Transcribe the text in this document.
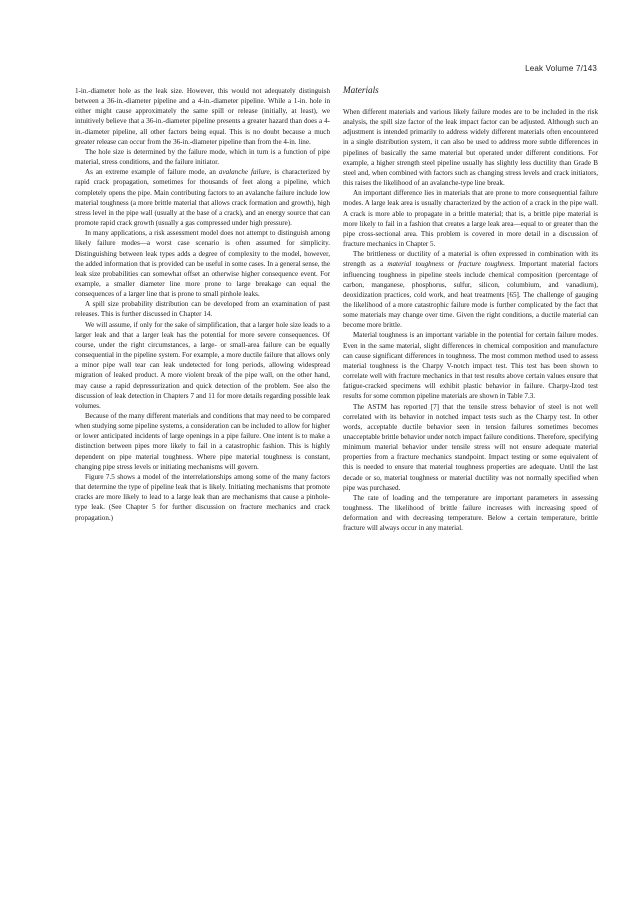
Leak Volume 7/143

1-in.-diameter hole as the leak size. However, this would not adequately distinguish between a 36-in.-diameter pipeline and a 4-in.-diameter pipeline. While a 1-in. hole in either might cause approximately the same spill or release (initially, at least), we intuitively believe that a 36-in.-diameter pipeline presents a greater hazard than does a 4-in.-diameter pipeline, all other factors being equal. This is no doubt because a much greater release can occur from the 36-in.-diameter pipeline than from the 4-in. line.

The hole size is determined by the failure mode, which in turn is a function of pipe material, stress conditions, and the failure initiator.

As an extreme example of failure mode, an avalanche failure, is characterized by rapid crack propagation, sometimes for thousands of feet along a pipeline, which completely opens the pipe. Main contributing factors to an avalanche failure include low material toughness (a more brittle material that allows crack formation and growth), high stress level in the pipe wall (usually at the base of a crack), and an energy source that can promote rapid crack growth (usually a gas compressed under high pressure).

In many applications, a risk assessment model does not attempt to distinguish among likely failure modes—a worst case scenario is often assumed for simplicity. Distinguishing between leak types adds a degree of complexity to the model, however, the added information that is provided can be useful in some cases. In a general sense, the leak size probabilities can somewhat offset an otherwise higher consequence event. For example, a smaller diameter line more prone to large breakage can equal the consequences of a larger line that is prone to small pinhole leaks.

A spill size probability distribution can be developed from an examination of past releases. This is further discussed in Chapter 14.

We will assume, if only for the sake of simplification, that a larger hole size leads to a larger leak and that a larger leak has the potential for more severe consequences. Of course, under the right circumstances, a large- or small-area failure can be equally consequential in the pipeline system. For example, a more ductile failure that allows only a minor pipe wall tear can leak undetected for long periods, allowing widespread migration of leaked product. A more violent break of the pipe wall, on the other hand, may cause a rapid depressurization and quick detection of the problem. See also the discussion of leak detection in Chapters 7 and 11 for more details regarding possible leak volumes.

Because of the many different materials and conditions that may need to be compared when studying some pipeline systems, a consideration can be included to allow for higher or lower anticipated incidents of large openings in a pipe failure. One intent is to make a distinction between pipes more likely to fail in a catastrophic fashion. This is highly dependent on pipe material toughness. Where pipe material toughness is constant, changing pipe stress levels or initiating mechanisms will govern.

Figure 7.5 shows a model of the interrelationships among some of the many factors that determine the type of pipeline leak that is likely. Initiating mechanisms that promote cracks are more likely to lead to a large leak than are mechanisms that cause a pinhole-type leak. (See Chapter 5 for further discussion on fracture mechanics and crack propagation.)

Materials

When different materials and various likely failure modes are to be included in the risk analysis, the spill size factor of the leak impact factor can be adjusted. Although such an adjustment is intended primarily to address widely different materials often encountered in a single distribution system, it can also be used to address more subtle differences in pipelines of basically the same material but operated under different conditions. For example, a higher strength steel pipeline usually has slightly less ductility than Grade B steel and, when combined with factors such as changing stress levels and crack initiators, this raises the likelihood of an avalanche-type line break.

An important difference lies in materials that are prone to more consequential failure modes. A large leak area is usually characterized by the action of a crack in the pipe wall. A crack is more able to propagate in a brittle material; that is, a brittle pipe material is more likely to fail in a fashion that creates a large leak area—equal to or greater than the pipe cross-sectional area. This problem is covered in more detail in a discussion of fracture mechanics in Chapter 5.

The brittleness or ductility of a material is often expressed in combination with its strength as a material toughness or fracture toughness. Important material factors influencing toughness in pipeline steels include chemical composition (percentage of carbon, manganese, phosphorus, sulfur, silicon, columbium, and vanadium), deoxidization practices, cold work, and heat treatments [65]. The challenge of gauging the likelihood of a more catastrophic failure mode is further complicated by the fact that some materials may change over time. Given the right conditions, a ductile material can become more brittle.

Material toughness is an important variable in the potential for certain failure modes. Even in the same material, slight differences in chemical composition and manufacture can cause significant differences in toughness. The most common method used to assess material toughness is the Charpy V-notch impact test. This test has been shown to correlate well with fracture mechanics in that test results above certain values ensure that fatigue-cracked specimens will exhibit plastic behavior in failure. Charpy-Izod test results for some common pipeline materials are shown in Table 7.3.

The ASTM has reported [7] that the tensile stress behavior of steel is not well correlated with its behavior in notched impact tests such as the Charpy test. In other words, acceptable ductile behavior seen in tension failures sometimes becomes unacceptable brittle behavior under notch impact failure conditions. Therefore, specifying minimum material behavior under tensile stress will not ensure adequate material properties from a fracture mechanics standpoint. Impact testing or some equivalent of this is needed to ensure that material toughness properties are adequate. Until the last decade or so, material toughness or material ductility was not normally specified when pipe was purchased.

The rate of loading and the temperature are important parameters in assessing toughness. The likelihood of brittle failure increases with increasing speed of deformation and with decreasing temperature. Below a certain temperature, brittle fracture will always occur in any material.
